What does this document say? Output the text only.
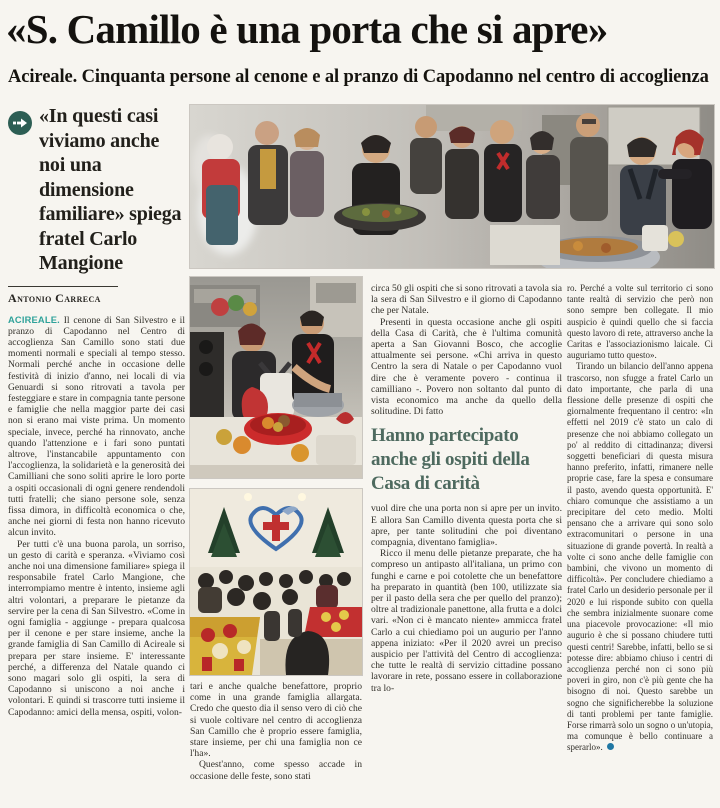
«S. Camillo è una porta che si apre»
Acireale. Cinquanta persone al cenone e al pranzo di Capodanno nel centro di accoglienza
«In questi casi viviamo anche noi una dimensione familiare» spiega fratel Carlo Mangione
Antonio Carreca

ACIREALE. Il cenone di San Silvestro e il pranzo di Capodanno nel Centro di accoglienza San Camillo sono stati due momenti normali e speciali al tempo stesso. Normali perché anche in occasione delle festività di inizio d'anno, nei locali di via Genuardi si sono ritrovati a tavola per festeggiare e stare in compagnia tante persone e famiglie che nella maggior parte dei casi non si erano mai viste prima. Un momento speciale, invece, perché ha rinnovato, anche quando l'attenzione e i fari sono puntati altrove, l'instancabile appuntamento con l'accoglienza, la solidarietà e la generosità dei Camilliani che sono soliti aprire le loro porte a ospiti occasionali di ogni genere rendendoli tutti fratelli; che siano persone sole, senza fissa dimora, in difficoltà economica o che, anche nei giorni di festa non hanno ricevuto alcun invito.

Per tutti c'è una buona parola, un sorriso, un gesto di carità e speranza. «Viviamo così anche noi una dimensione familiare» spiega il responsabile fratel Carlo Mangione, che interrompiamo mentre è intento, insieme agli altri volontari, a preparare le pietanze da servire per la cena di San Silvestro. «Come in ogni famiglia - aggiunge - prepara qualcosa per il cenone e per stare insieme, anche la grande famiglia di San Camillo di Acireale si prepara per stare insieme. E' interessante perché, a differenza del Natale quando ci sono magari solo gli ospiti, la sera di Capodanno si uniscono a noi anche i volontari. E quindi si trascorre tutti insieme il Capodanno: amici della mensa, ospiti, volon-

tari e anche qualche benefattore, proprio come in una grande famiglia allargata. Credo che questo dia il senso vero di ciò che si vuole coltivare nel centro di accoglienza San Camillo che è proprio essere famiglia, stare insieme, per chi una famiglia non ce l'ha».

Quest'anno, come spesso accade in occasione delle feste, sono stati

circa 50 gli ospiti che si sono ritrovati a tavola sia la sera di San Silvestro e il giorno di Capodanno che per Natale.

Presenti in questa occasione anche gli ospiti della Casa di Carità, che è l'ultima comunità aperta a San Giovanni Bosco, che accoglie attualmente sei persone. «Chi arriva in questo Centro la sera di Natale o per Capodanno vuol dire che è veramente povero - continua il camilliano -. Povero non soltanto dal punto di vista economico ma anche da quello della solitudine. Di fatto

Hanno partecipato anche gli ospiti della Casa di carità

vuol dire che una porta non si apre per un invito. E allora San Camillo diventa questa porta che si apre, per tante solitudini che poi diventano compagnia, diventano famiglia».

Ricco il menu delle pietanze preparate, che ha compreso un antipasto all'italiana, un primo con funghi e carne e poi cotolette che un benefattore ha preparato in quantità (ben 100, utilizzate sia per il pasto della sera che per quello del pranzo); oltre al tradizionale panettone, alla frutta e a dolci vari. «Non ci è mancato niente» ammicca fratel Carlo a cui chiediamo poi un augurio per l'anno appena iniziato: «Per il 2020 avrei un preciso auspicio per l'attività del Centro di accoglienza: che tutte le realtà di servizio cittadine possano lavorare in rete, possano essere in collaborazione tra lo-

ro. Perché a volte sul territorio ci sono tante realtà di servizio che però non sono sempre ben collegate. Il mio auspicio è quindi quello che si faccia questo lavoro di rete, attraverso anche la Caritas e l'associazionismo laicale. Ci auguriamo tutto questo».

Tirando un bilancio dell'anno appena trascorso, non sfugge a fratel Carlo un dato importante, che parla di una flessione delle presenze di ospiti che giornalmente frequentano il centro: «In effetti nel 2019 c'è stato un calo di presenze che noi abbiamo collegato un po' al reddito di cittadinanza; diversi soggetti beneficiari di questa misura hanno preferito, infatti, rimanere nelle proprie case, fare la spesa e consumare il pasto, avendo questa opportunità. E' chiaro comunque che assistiamo a un precipitare del ceto medio. Molti pensano che a arrivare qui sono solo extracomunitari o persone in una situazione di grande povertà. In realtà a volte ci sono anche delle famiglie con bambini, che vivono un momento di difficoltà». Per concludere chiediamo a fratel Carlo un desiderio personale per il 2020 e lui risponde subito con quella che sembra inizialmente suonare come una piacevole provocazione: «Il mio augurio è che si possano chiudere tutti questi centri! Sarebbe, infatti, bello se si potesse dire: abbiamo chiuso i centri di accoglienza perché non ci sono più poveri in giro, non c'è più gente che ha bisogno di noi. Questo sarebbe un sogno che significherebbe la soluzione di tanti problemi per tante famiglie. Forse rimarrà solo un sogno o un'utopia, ma comunque è bello continuare a sperarlo».
